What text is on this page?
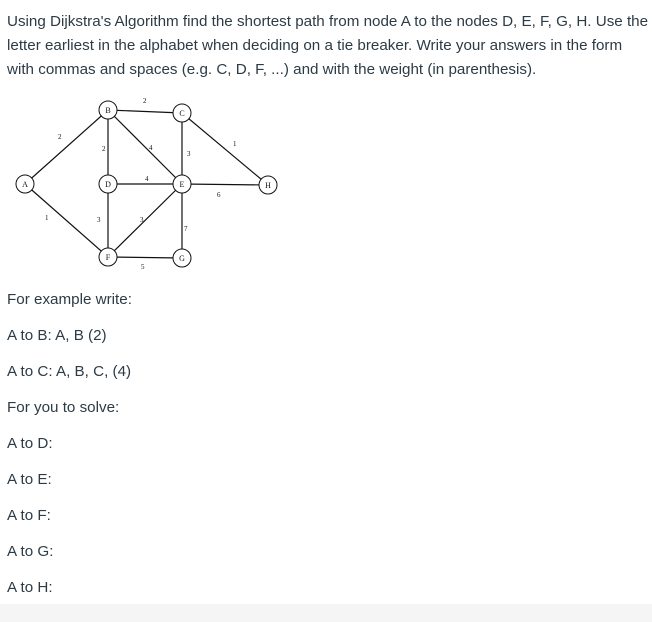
Using Dijkstra's Algorithm find the shortest path from node A to the nodes D, E, F, G, H. Use the letter earliest in the alphabet when deciding on a tie breaker. Write your answers in the form with commas and spaces (e.g. C, D, F, ...) and with the weight (in parenthesis).

2
1
2
2	4
3
1
4
3	3
7
6
5
A
B	C
D	E
F	G
H

For example write:

A to B: A, B (2)

A to C: A, B, C, (4)

For you to solve:

A to D:

A to E:

A to F:

A to G:

A to H:
